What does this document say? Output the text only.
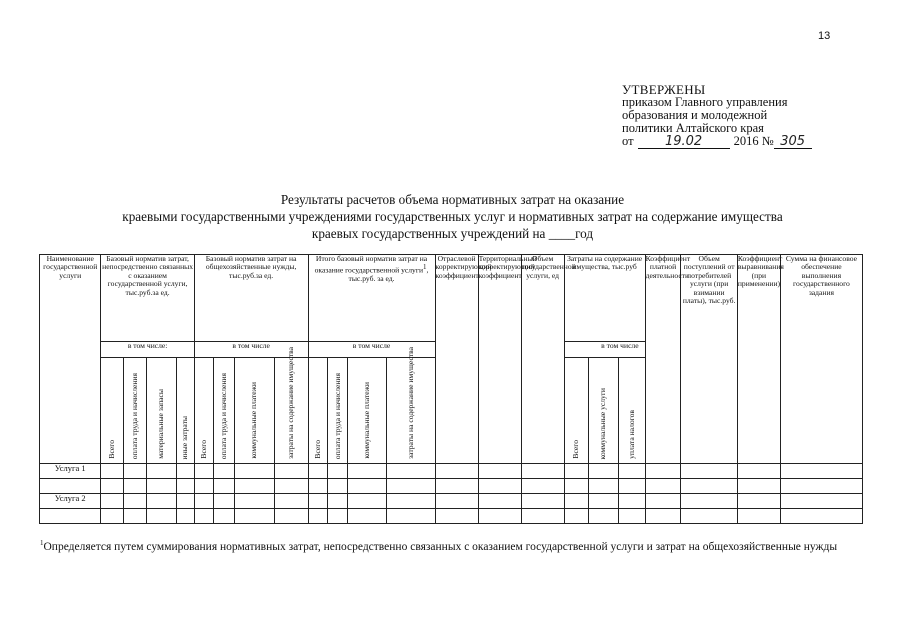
13
УТВЕРЖЕНЫ
приказом Главного управления
образования и молодежной
политики Алтайского края
от	19.02	2016 № 305
Результаты расчетов объема нормативных затрат на оказание
краевыми государственными учреждениями государственных услуг и нормативных затрат на содержание имущества
краевых государственных учреждений на ____год
Наименование государственной услуги	Базовый норматив затрат, непосредственно связанных с оказанием государственной услуги, тыс.руб.за ед.				Базовый норматив затрат на общехозяйственные нужды, тыс.руб.за ед.				Итого базовый норматив затрат на оказание государственной услуги$^1$, тыс.руб. за ед.				Отраслевой корректирующий коэффициент	Территориальный корректирующий коэффициент	Объем государственной услуги, ед	Затраты на содержание имущества, тыс.руб			Коэффициент платной деятельности	Объем поступлений от потребителей услуги (при взимании платы), тыс.руб.	Коэффициент выравнивания (при применении)	Сумма на финансовое обеспечение выполнения государственного задания
	в том числе:				в том числе				в том числе							в том числе						

	Всего	оплата труда и начисления	материальные запасы	иные затраты	Всего	оплата труда и начисления	коммунальные платежи	затраты на содержание имущества	Всего	оплата труда и начисления	коммунальные платежи	затраты на содержание имущества				Всего	коммунальные услуги	уплата налогов				

Услуга 1																						

Услуга 2																						

$^1$Определяется путем суммирования нормативных затрат, непосредственно связанных с оказанием государственной услуги и затрат на общехозяйственные нужды
